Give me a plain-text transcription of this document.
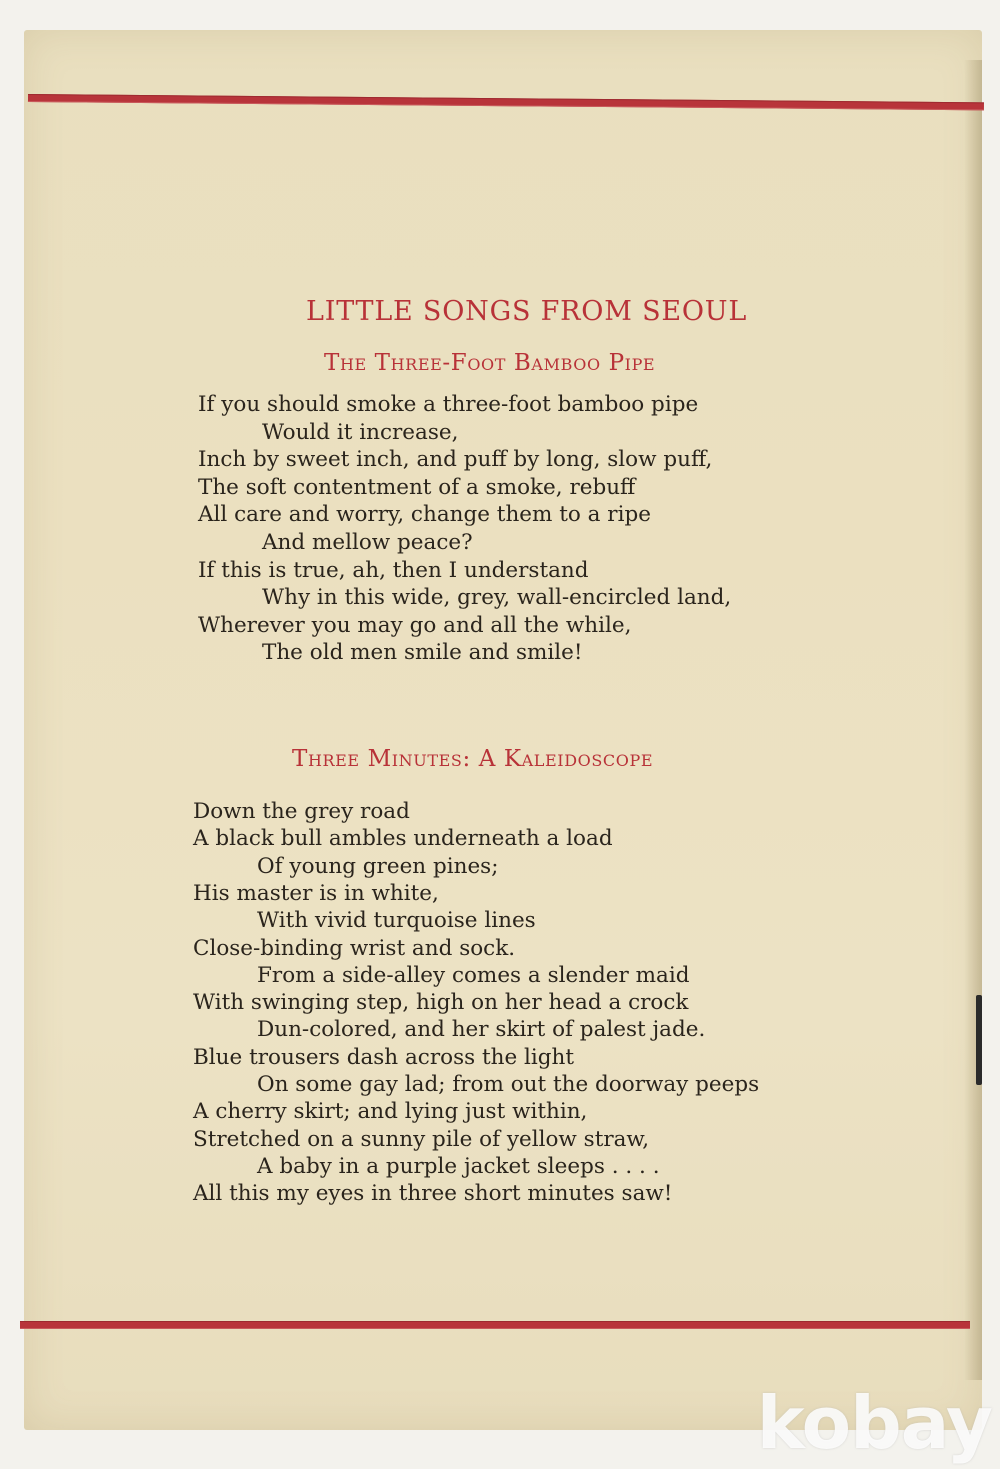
LITTLE SONGS FROM SEOUL
The Three-Foot Bamboo Pipe
If you should smoke a three-foot bamboo pipe
Would it increase,
Inch by sweet inch, and puff by long, slow puff,
The soft contentment of a smoke, rebuff
All care and worry, change them to a ripe
And mellow peace?
If this is true, ah, then I understand
Why in this wide, grey, wall-encircled land,
Wherever you may go and all the while,
The old men smile and smile!
Three Minutes: A Kaleidoscope
Down the grey road
A black bull ambles underneath a load
Of young green pines;
His master is in white,
With vivid turquoise lines
Close-binding wrist and sock.
From a side-alley comes a slender maid
With swinging step, high on her head a crock
Dun-colored, and her skirt of palest jade.
Blue trousers dash across the light
On some gay lad; from out the doorway peeps
A cherry skirt; and lying just within,
Stretched on a sunny pile of yellow straw,
A baby in a purple jacket sleeps . . . .
All this my eyes in three short minutes saw!
kobay
